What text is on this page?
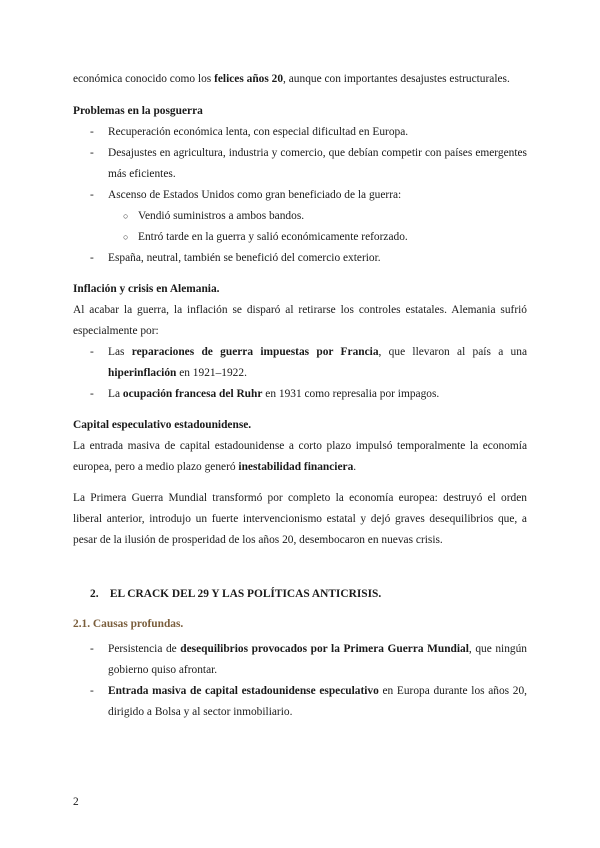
económica conocido como los felices años 20, aunque con importantes desajustes estructurales.

Problemas en la posguerra

- Recuperación económica lenta, con especial dificultad en Europa.
- Desajustes en agricultura, industria y comercio, que debían competir con países emergentes más eficientes.
- Ascenso de Estados Unidos como gran beneficiado de la guerra:
○ Vendió suministros a ambos bandos.
○ Entró tarde en la guerra y salió económicamente reforzado.
- España, neutral, también se benefició del comercio exterior.

Inflación y crisis en Alemania.

Al acabar la guerra, la inflación se disparó al retirarse los controles estatales. Alemania sufrió especialmente por:

- Las reparaciones de guerra impuestas por Francia, que llevaron al país a una hiperinflación en 1921–1922.
- La ocupación francesa del Ruhr en 1931 como represalia por impagos.

Capital especulativo estadounidense.

La entrada masiva de capital estadounidense a corto plazo impulsó temporalmente la economía europea, pero a medio plazo generó inestabilidad financiera.

La Primera Guerra Mundial transformó por completo la economía europea: destruyó el orden liberal anterior, introdujo un fuerte intervencionismo estatal y dejó graves desequilibrios que, a pesar de la ilusión de prosperidad de los años 20, desembocaron en nuevas crisis.

2. EL CRACK DEL 29 Y LAS POLÍTICAS ANTICRISIS.

2.1. Causas profundas.

- Persistencia de desequilibrios provocados por la Primera Guerra Mundial, que ningún gobierno quiso afrontar.
- Entrada masiva de capital estadounidense especulativo en Europa durante los años 20, dirigido a Bolsa y al sector inmobiliario.
2
